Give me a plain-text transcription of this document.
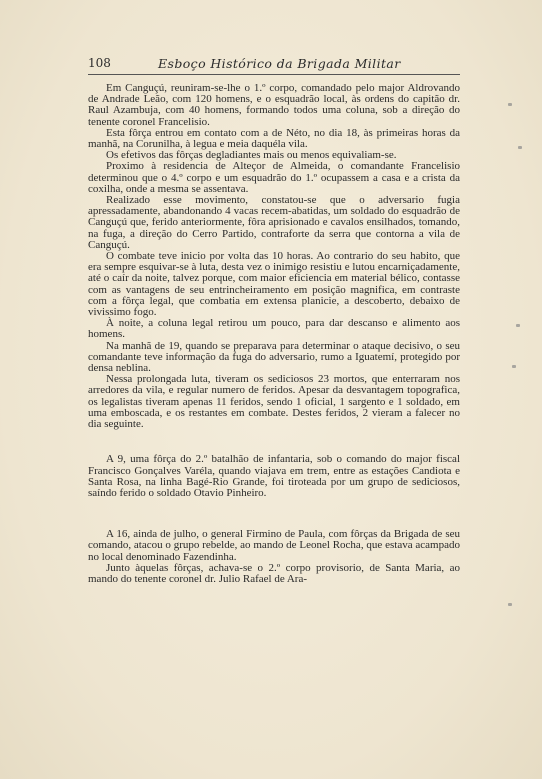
108	Esboço Histórico da Brigada Militar

Em Canguçú, reuniram-se-lhe o 1.º corpo, comandado pelo major Aldrovando de Andrade Leão, com 120 homens, e o esquadrão local, às ordens do capitão dr. Raul Azambuja, com 40 homens, formando todos uma coluna, sob a direção do tenente coronel Francelisio.

Esta fôrça entrou em contato com a de Néto, no dia 18, às primeiras horas da manhã, na Corunilha, à legua e meia daquéla vila.

Os efetivos das fôrças degladiantes mais ou menos equivaliam-se.

Proximo à residencia de Alteçor de Almeida, o comandante Francelisio determinou que o 4.º corpo e um esquadrão do 1.º ocupassem a casa e a crista da coxilha, onde a mesma se assentava.

Realizado esse movimento, constatou-se que o adversario fugia apressadamente, abandonando 4 vacas recem-abatidas, um soldado do esquadrão de Canguçú que, ferido anteriormente, fôra aprisionado e cavalos ensilhados, tomando, na fuga, a direção do Cerro Partido, contraforte da serra que contorna a vila de Canguçú.

O combate teve inicio por volta das 10 horas. Ao contrario do seu habito, que era sempre esquivar-se à luta, desta vez o inimigo resistiu e lutou encarniçadamente, até o caír da noite, talvez porque, com maior eficiencia em material bélico, contasse com as vantagens de seu entrincheiramento em posição magnifica, em contraste com a fôrça legal, que combatia em extensa planicie, a descoberto, debaixo de vivissimo fogo.

À noite, a coluna legal retirou um pouco, para dar descanso e alimento aos homens.

Na manhã de 19, quando se preparava para determinar o ataque decisivo, o seu comandante teve informação da fuga do adversario, rumo a Iguatemí, protegido por densa neblina.

Nessa prolongada luta, tiveram os sediciosos 23 mortos, que enterraram nos arredores da vila, e regular numero de feridos. Apesar da desvantagem topografica, os legalistas tiveram apenas 11 feridos, sendo 1 oficial, 1 sargento e 1 soldado, em uma emboscada, e os restantes em combate. Destes feridos, 2 vieram a falecer no dia seguinte.

A 9, uma fôrça do 2.º batalhão de infantaria, sob o comando do major fiscal Francisco Gonçalves Varéla, quando viajava em trem, entre as estações Candiota e Santa Rosa, na linha Bagé-Rio Grande, foi tiroteada por um grupo de sediciosos, saíndo ferido o soldado Otavio Pinheiro.

A 16, ainda de julho, o general Firmino de Paula, com fôrças da Brigada de seu comando, atacou o grupo rebelde, ao mando de Leonel Rocha, que estava acampado no local denominado Fazendinha.

Junto àquelas fôrças, achava-se o 2.º corpo provisorio, de Santa Maria, ao mando do tenente coronel dr. Julio Rafael de Ara-
